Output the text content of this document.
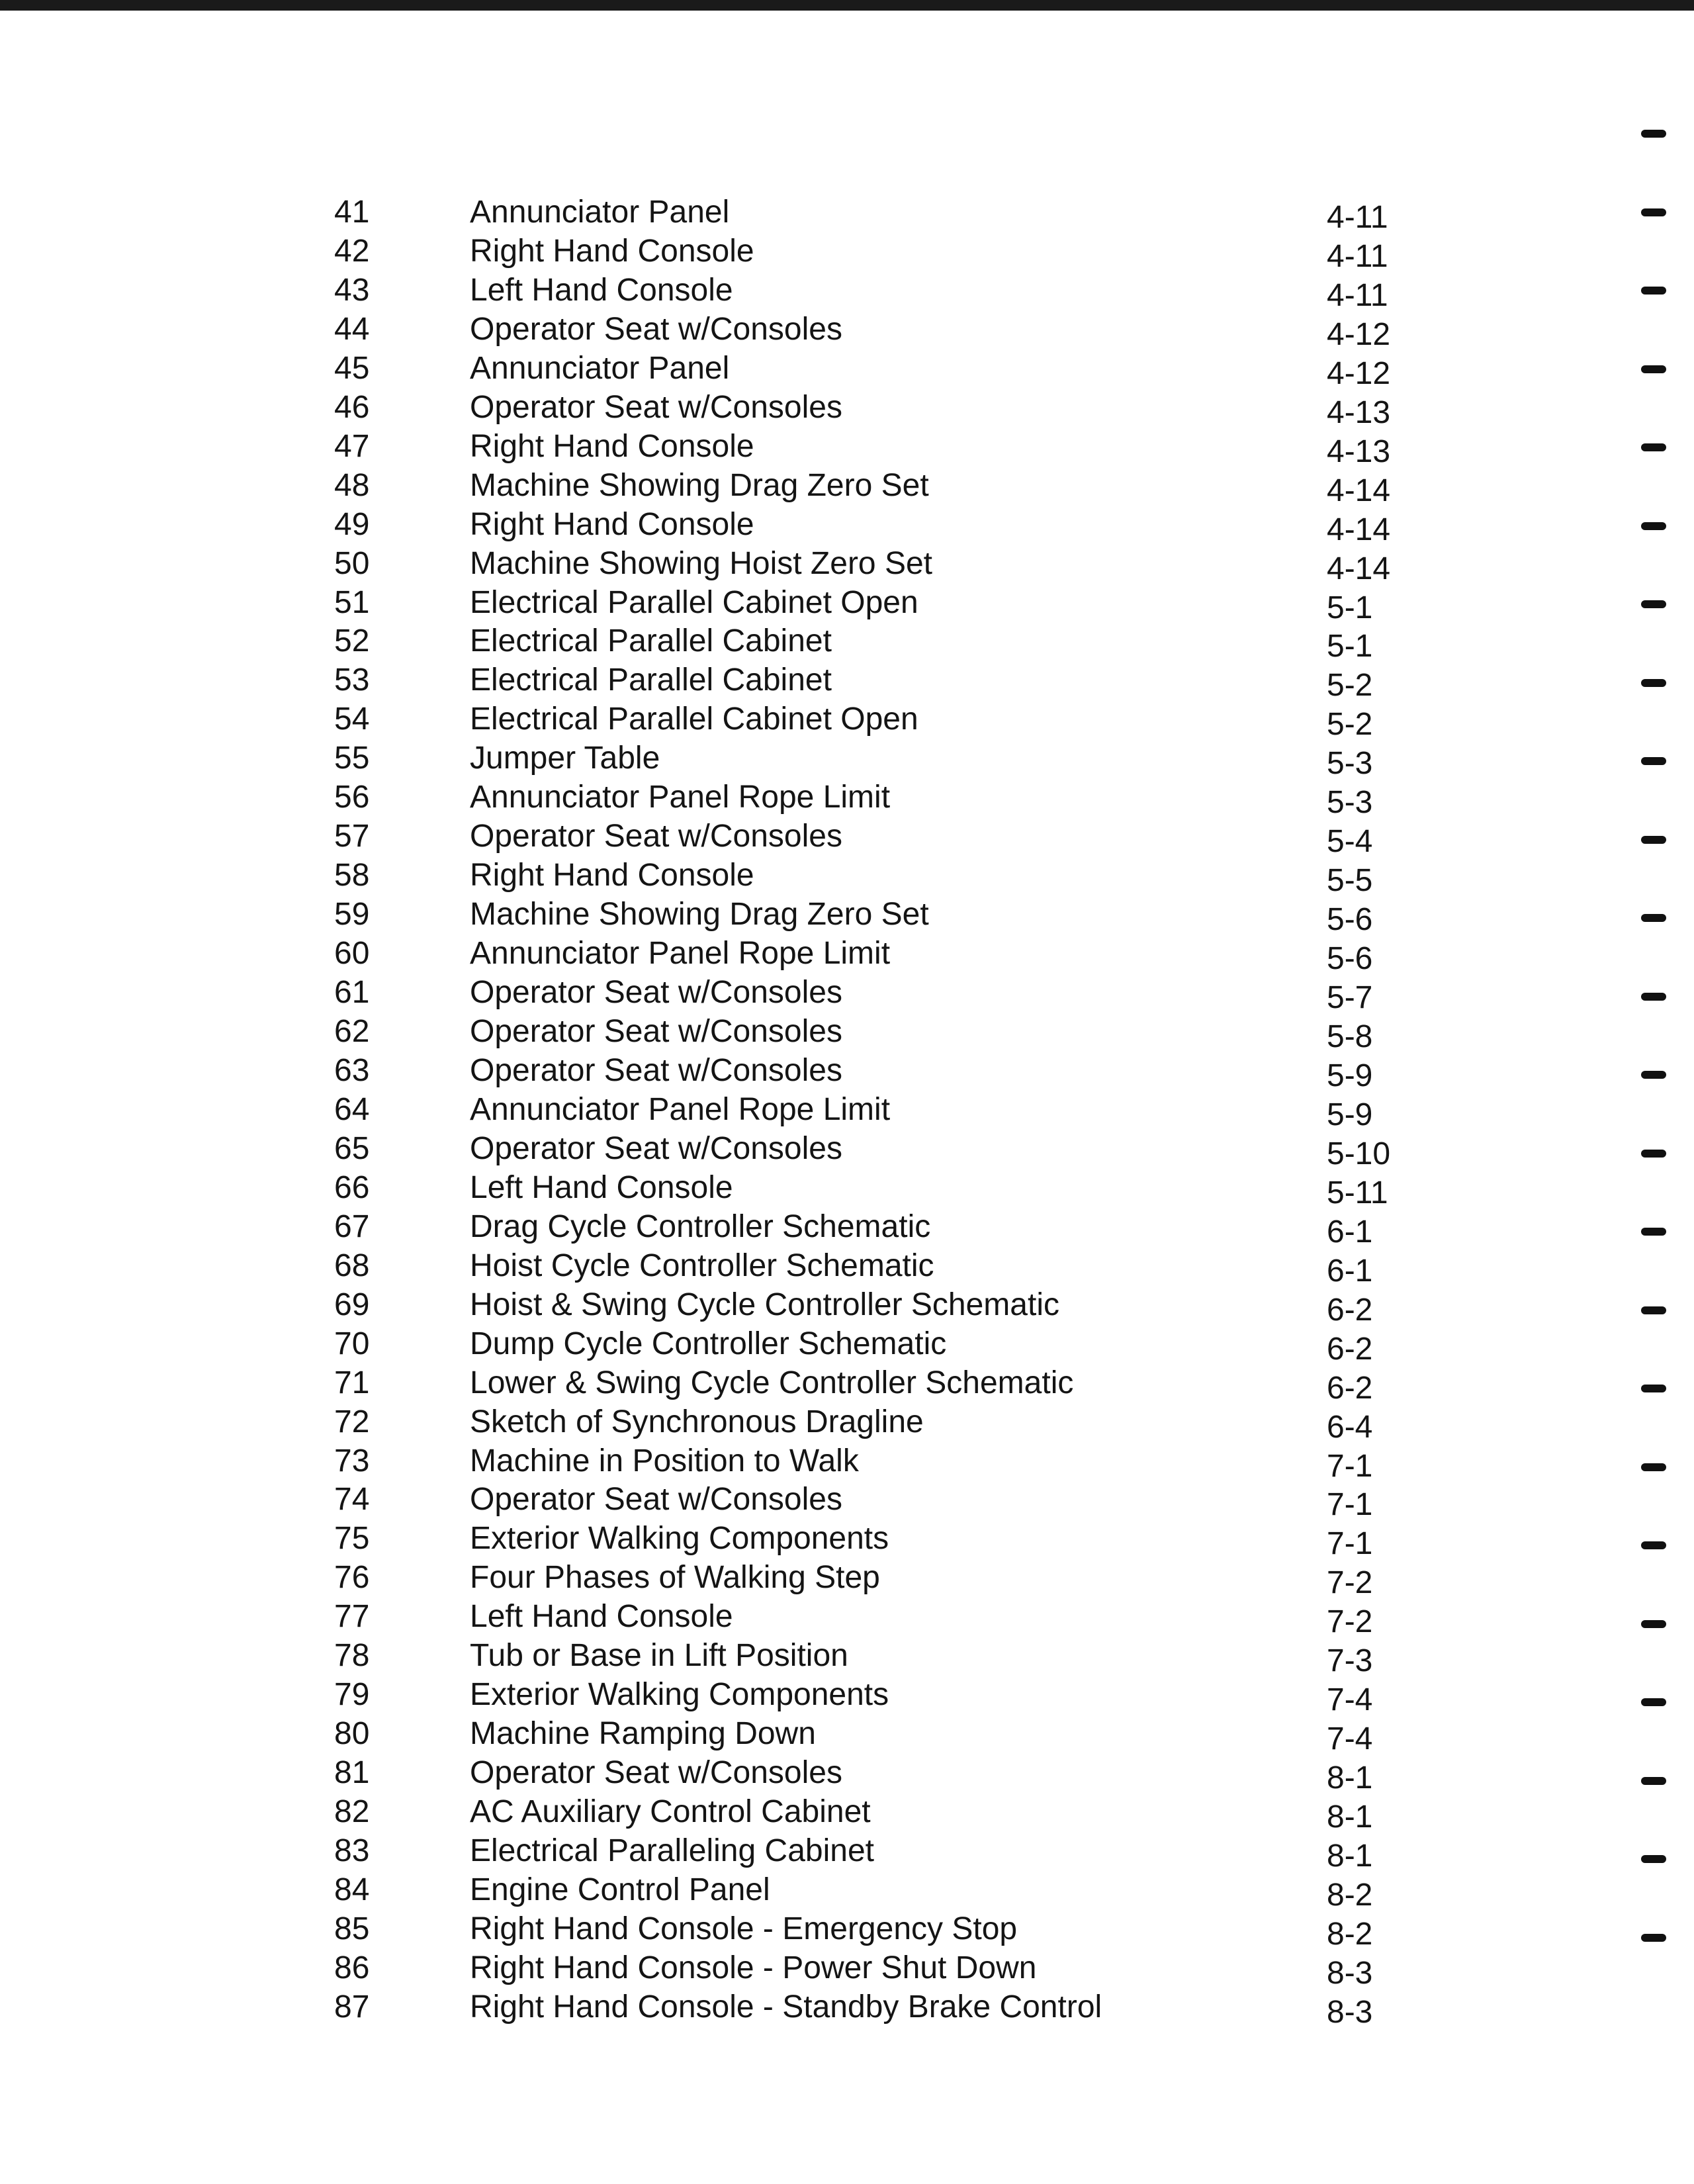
41	Annunciator Panel	4-11
42	Right Hand Console	4-11
43	Left Hand Console	4-11
44	Operator Seat w/Consoles	4-12
45	Annunciator Panel	4-12
46	Operator Seat w/Consoles	4-13
47	Right Hand Console	4-13
48	Machine Showing Drag Zero Set	4-14
49	Right Hand Console	4-14
50	Machine Showing Hoist Zero Set	4-14
51	Electrical Parallel Cabinet Open	5-1
52	Electrical Parallel Cabinet	5-1
53	Electrical Parallel Cabinet	5-2
54	Electrical Parallel Cabinet Open	5-2
55	Jumper Table	5-3
56	Annunciator Panel Rope Limit	5-3
57	Operator Seat w/Consoles	5-4
58	Right Hand Console	5-5
59	Machine Showing Drag Zero Set	5-6
60	Annunciator Panel Rope Limit	5-6
61	Operator Seat w/Consoles	5-7
62	Operator Seat w/Consoles	5-8
63	Operator Seat w/Consoles	5-9
64	Annunciator Panel Rope Limit	5-9
65	Operator Seat w/Consoles	5-10
66	Left Hand Console	5-11
67	Drag Cycle Controller Schematic	6-1
68	Hoist Cycle Controller Schematic	6-1
69	Hoist & Swing Cycle Controller Schematic	6-2
70	Dump Cycle Controller Schematic	6-2
71	Lower & Swing Cycle Controller Schematic	6-2
72	Sketch of Synchronous Dragline	6-4
73	Machine in Position to Walk	7-1
74	Operator Seat w/Consoles	7-1
75	Exterior Walking Components	7-1
76	Four Phases of Walking Step	7-2
77	Left Hand Console	7-2
78	Tub or Base in Lift Position	7-3
79	Exterior Walking Components	7-4
80	Machine Ramping Down	7-4
81	Operator Seat w/Consoles	8-1
82	AC Auxiliary Control Cabinet	8-1
83	Electrical Paralleling Cabinet	8-1
84	Engine Control Panel	8-2
85	Right Hand Console - Emergency Stop	8-2
86	Right Hand Console - Power Shut Down	8-3
87	Right Hand Console - Standby Brake Control	8-3
